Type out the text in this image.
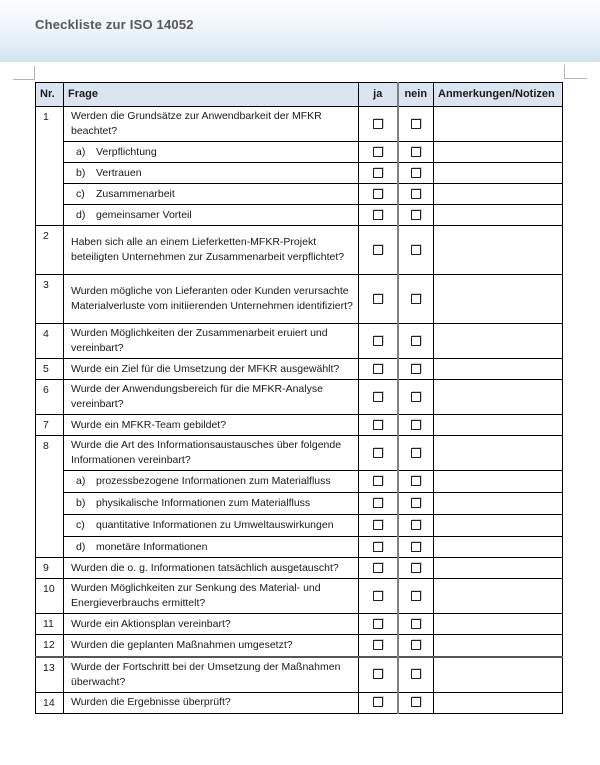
Checkliste zur ISO 14052
Nr.	Frage	ja	nein	Anmerkungen/Notizen
1	Werden die Grundsätze zur Anwendbarkeit der MFKR beachtet?			
	a) Verpflichtung			
	b) Vertrauen			
	c) Zusammenarbeit			
	d) gemeinsamer Vorteil			
2	Haben sich alle an einem Lieferketten-MFKR-Projekt beteiligten Unternehmen zur Zusammenarbeit verpflichtet?			
3	Wurden mögliche von Lieferanten oder Kunden verursachte Materialverluste vom initiierenden Unternehmen identifiziert?			
4	Wurden Möglichkeiten der Zusammenarbeit eruiert und vereinbart?			
5	Wurde ein Ziel für die Umsetzung der MFKR ausgewählt?			
6	Wurde der Anwendungsbereich für die MFKR-Analyse vereinbart?			
7	Wurde ein MFKR-Team gebildet?			
8	Wurde die Art des Informationsaustausches über folgende Informationen vereinbart?			
	a) prozessbezogene Informationen zum Materialfluss			
	b) physikalische Informationen zum Materialfluss			
	c) quantitative Informationen zu Umweltauswirkungen			
	d) monetäre Informationen			
9	Wurden die o. g. Informationen tatsächlich ausgetauscht?			
10	Wurden Möglichkeiten zur Senkung des Material- und Energieverbrauchs ermittelt?			
11	Wurde ein Aktionsplan vereinbart?			
12	Wurden die geplanten Maßnahmen umgesetzt?			
13	Wurde der Fortschritt bei der Umsetzung der Maßnahmen überwacht?			
14	Wurden die Ergebnisse überprüft?			
